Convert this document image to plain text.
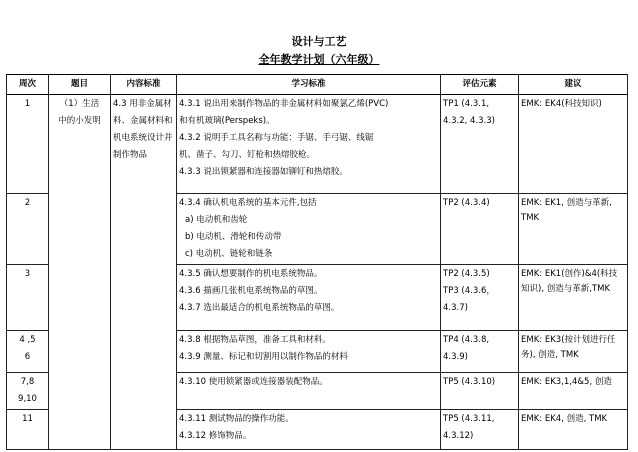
设计与工艺
全年教学计划（六年级）
周次	题目	内容标准	学习标准	评估元素	建议

1	（1）生活
中的小发明	4.3 用非金属材
料、金属材料和
机电系统设计并
制作物品	4.3.1 说出用来制作物品的非金属材料如聚氯乙烯(PVC)
和有机玻璃(Perspeks)。
4.3.2 说明手工具名称与功能：手锯、手弓锯、线锯
机、凿子、勾刀、钉枪和热熔胶枪。
4.3.3 说出锁紧器和连接器如铆钉和热熔胶。	TP1 (4.3.1,
4.3.2, 4.3.3)	EMK: EK4(科技知识)

2			4.3.4 确认机电系统的基本元件,包括
a) 电动机和齿轮
b) 电动机、滑轮和传动带
c) 电动机、链轮和链条	TP2 (4.3.4)	EMK: EK1, 创造与革新,
TMK

3			4.3.5 确认想要制作的机电系统物品。
4.3.6 描画几张机电系统物品的草图。
4.3.7 选出最适合的机电系统物品的草图。	TP2 (4.3.5)
TP3 (4.3.6，
4.3.7)	EMK: EK1(创作)&4(科技
知识), 创造与革新,TMK

4 ,5
6			4.3.8 根据物品草图，准备工具和材料。
4.3.9 测量、标记和切割用以制作物品的材料	TP4 (4.3.8,
4.3.9)	EMK: EK3(按计划进行任
务), 创造, TMK

7,8
9,10			4.3.10 使用锁紧器或连接器装配物品。	TP5 (4.3.10)	EMK: EK3,1,4&5, 创造

11			4.3.11 测试物品的操作功能。
4.3.12 修饰物品。	TP5 (4.3.11,
4.3.12)	EMK: EK4, 创造, TMK
